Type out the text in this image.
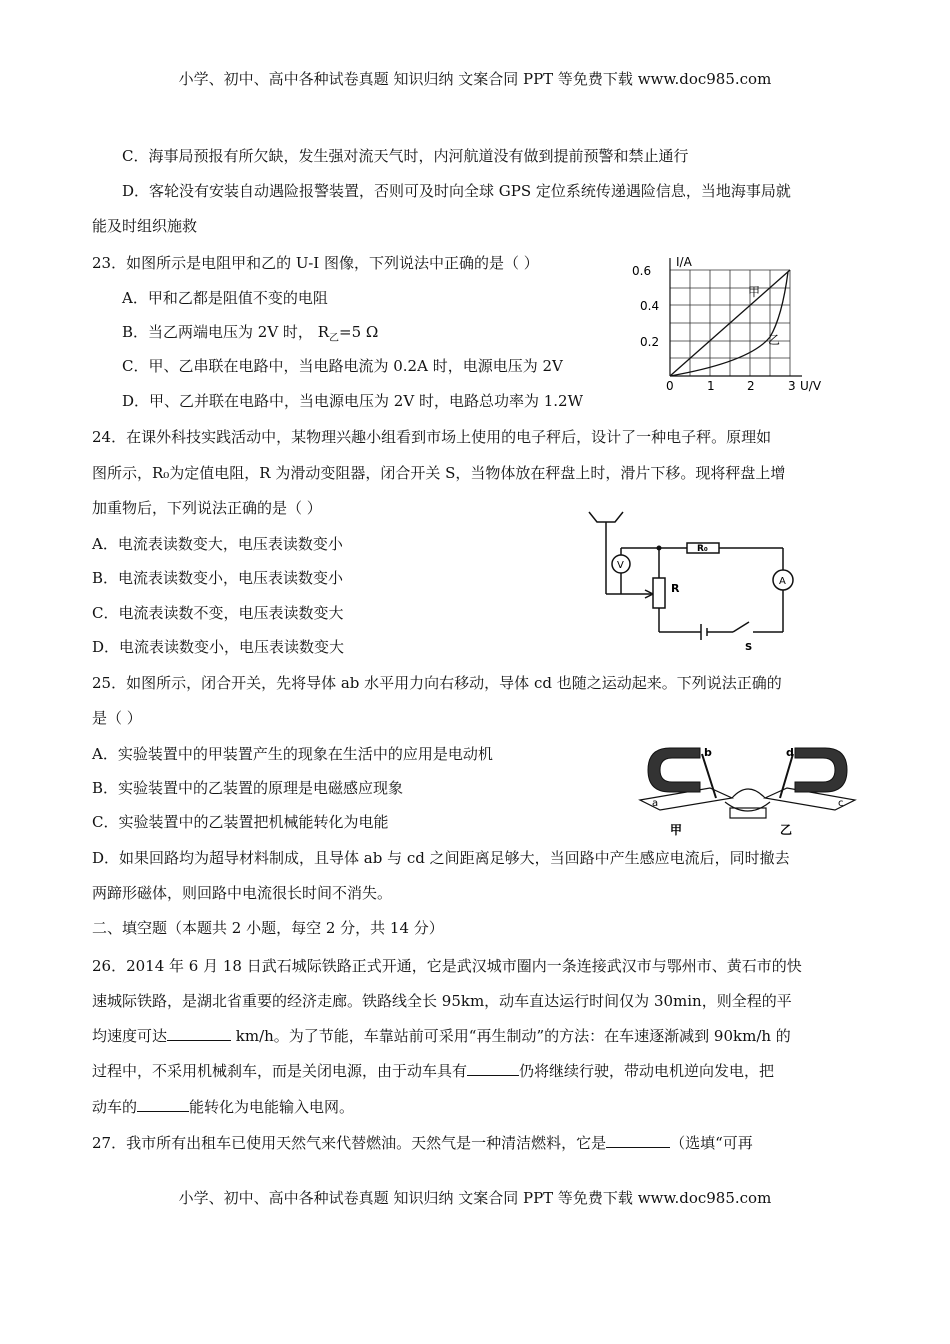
小学、初中、高中各种试卷真题 知识归纳 文案合同 PPT 等免费下载 www.doc985.com
C．海事局预报有所欠缺，发生强对流天气时，内河航道没有做到提前预警和禁止通行
D．客轮没有安装自动遇险报警装置，否则可及时向全球 GPS 定位系统传递遇险信息，当地海事局就
能及时组织施救
23．如图所示是电阻甲和乙的 U-I 图像，下列说法中正确的是（ ）
A．甲和乙都是阻值不变的电阻
B．当乙两端电压为 2V 时， $R_乙=5$ Ω
C．甲、乙串联在电路中，当电路电流为 0.2A 时，电源电压为 2V
D．甲、乙并联在电路中，当电源电压为 2V 时，电路总功率为 1.2W
0.6
0.4
0.2
I/A
0	1	2	3 U/V
甲
乙
24．在课外科技实践活动中，某物理兴趣小组看到市场上使用的电子秤后，设计了一种电子秤。原理如
图所示，R₀为定值电阻，R 为滑动变阻器，闭合开关 S，当物体放在秤盘上时，滑片下移。现将秤盘上增
加重物后，下列说法正确的是（ ）
A．电流表读数变大，电压表读数变小
B．电流表读数变小，电压表读数变小
C．电流表读数不变，电压表读数变大
D．电流表读数变小，电压表读数变大
V
A
R
R₀
S
25．如图所示，闭合开关，先将导体 ab 水平用力向右移动，导体 cd 也随之运动起来。下列说法正确的
是（ ）
A．实验装置中的甲装置产生的现象在生活中的应用是电动机
B．实验装置中的乙装置的原理是电磁感应现象
C．实验装置中的乙装置把机械能转化为电能
D．如果回路均为超导材料制成，且导体 ab 与 cd 之间距离足够大，当回路中产生感应电流后，同时撤去
两蹄形磁体，则回路中电流很长时间不消失。
b	d
a	c
甲	乙
二、填空题（本题共 2 小题，每空 2 分，共 14 分）
26．2014 年 6 月 18 日武石城际铁路正式开通，它是武汉城市圈内一条连接武汉市与鄂州市、黄石市的快
速城际铁路，是湖北省重要的经济走廊。铁路线全长 95km，动车直达运行时间仅为 30min，则全程的平
均速度可达	km/h。为了节能，车靠站前可采用“再生制动”的方法：在车速逐渐减到 90km/h 的
过程中，不采用机械刹车，而是关闭电源，由于动车具有	仍将继续行驶，带动电机逆向发电，把
动车的	能转化为电能输入电网。
27．我市所有出租车已使用天然气来代替燃油。天然气是一种清洁燃料，它是	（选填“可再
小学、初中、高中各种试卷真题 知识归纳 文案合同 PPT 等免费下载 www.doc985.com
